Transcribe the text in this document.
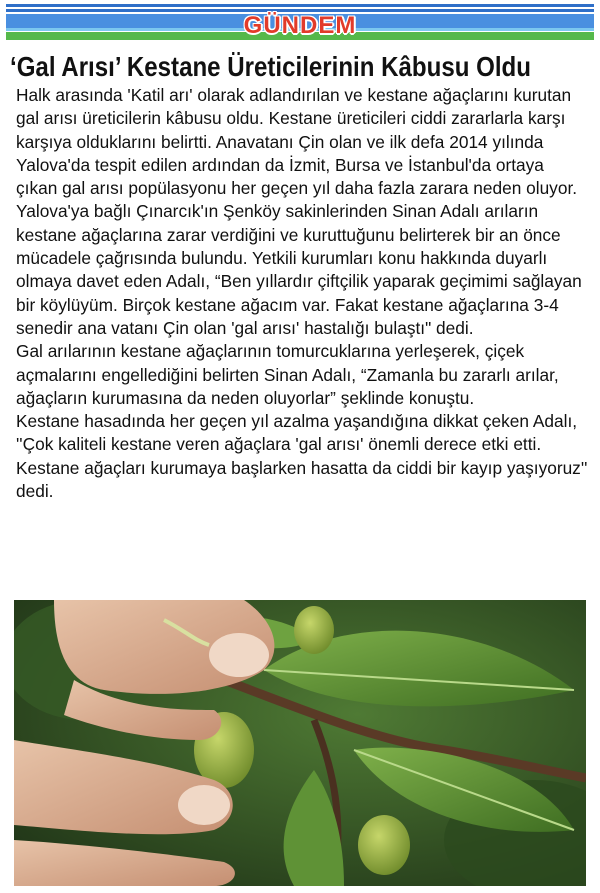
GÜNDEM
‘Gal Arısı’ Kestane Üreticilerinin Kâbusu Oldu

Halk arasında 'Katil arı' olarak adlandırılan ve kestane ağaçlarını kurutan gal arısı üreticilerin kâbusu oldu. Kestane üreticileri ciddi zararlarla karşı karşıya olduklarını belirtti. Anavatanı Çin olan ve ilk defa 2014 yılında Yalova'da tespit edilen ardından da İzmit, Bursa ve İstanbul'da ortaya çıkan gal arısı popülasyonu her geçen yıl daha fazla zarara neden oluyor. Yalova'ya bağlı Çınarcık'ın Şenköy sakinlerinden Sinan Adalı arıların kestane ağaçlarına zarar verdiğini ve kuruttuğunu belirterek bir an önce mücadele çağrısında bulundu. Yetkili kurumları konu hakkında duyarlı olmaya davet eden Adalı, “Ben yıllardır çiftçilik yaparak geçimimi sağlayan bir köylüyüm. Birçok kestane ağacım var. Fakat kestane ağaçlarına 3-4 senedir ana vatanı Çin olan 'gal arısı' hastalığı bulaştı" dedi.

Gal arılarının kestane ağaçlarının tomurcuklarına yerleşerek, çiçek açmalarını engellediğini belirten Sinan Adalı, “Zamanla bu zararlı arılar, ağaçların kurumasına da neden oluyorlar” şeklinde konuştu.

Kestane hasadında her geçen yıl azalma yaşandığına dikkat çeken Adalı, ''Çok kaliteli kestane veren ağaçlara 'gal arısı' önemli derece etki etti. Kestane ağaçları kurumaya başlarken hasatta da ciddi bir kayıp yaşıyoruz'' dedi.
